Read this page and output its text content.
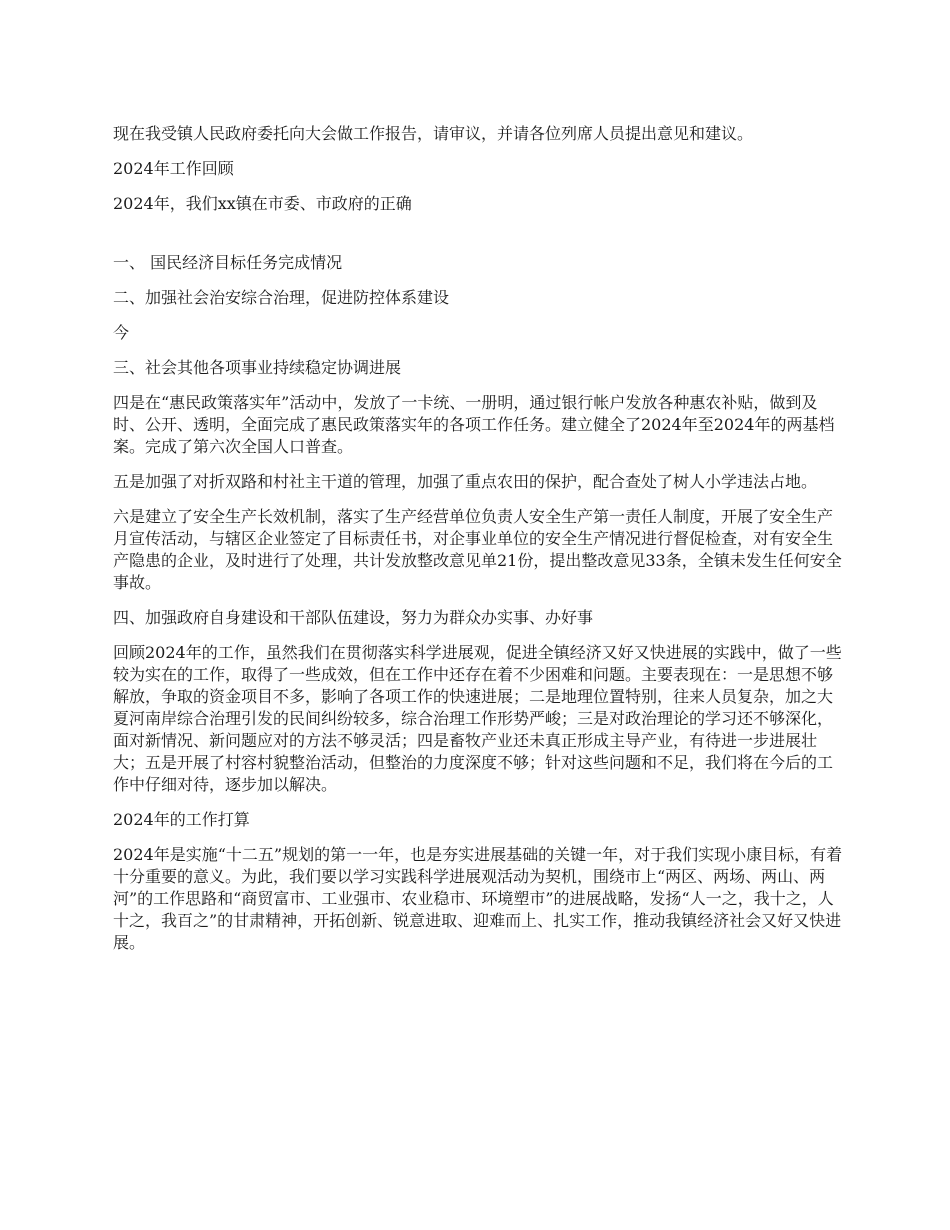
现在我受镇人民政府委托向大会做工作报告，请审议，并请各位列席人员提出意见和建议。

2024年工作回顾

2024年，我们xx镇在市委、市政府的正确

一、 国民经济目标任务完成情况

二、加强社会治安综合治理，促进防控体系建设

今

三、社会其他各项事业持续稳定协调进展

四是在“惠民政策落实年”活动中，发放了一卡统、一册明，通过银行帐户发放各种惠农补贴，做到及时、公开、透明，全面完成了惠民政策落实年的各项工作任务。建立健全了2024年至2024年的两基档案。完成了第六次全国人口普查。

五是加强了对折双路和村社主干道的管理，加强了重点农田的保护，配合查处了树人小学违法占地。

六是建立了安全生产长效机制，落实了生产经营单位负责人安全生产第一责任人制度，开展了安全生产月宣传活动，与辖区企业签定了目标责任书，对企事业单位的安全生产情况进行督促检查，对有安全生产隐患的企业，及时进行了处理，共计发放整改意见单21份，提出整改意见33条，全镇未发生任何安全事故。

四、加强政府自身建设和干部队伍建设，努力为群众办实事、办好事

回顾2024年的工作，虽然我们在贯彻落实科学进展观，促进全镇经济又好又快进展的实践中，做了一些较为实在的工作，取得了一些成效，但在工作中还存在着不少困难和问题。主要表现在：一是思想不够解放，争取的资金项目不多，影响了各项工作的快速进展；二是地理位置特别，往来人员复杂，加之大夏河南岸综合治理引发的民间纠纷较多，综合治理工作形势严峻；三是对政治理论的学习还不够深化，面对新情况、新问题应对的方法不够灵活；四是畜牧产业还未真正形成主导产业，有待进一步进展壮大；五是开展了村容村貌整治活动，但整治的力度深度不够；针对这些问题和不足，我们将在今后的工作中仔细对待，逐步加以解决。

2024年的工作打算

2024年是实施“十二五”规划的第一一年，也是夯实进展基础的关键一年，对于我们实现小康目标，有着十分重要的意义。为此，我们要以学习实践科学进展观活动为契机，围绕市上“两区、两场、两山、两河”的工作思路和“商贸富市、工业强市、农业稳市、环境塑市”的进展战略，发扬“人一之，我十之，人十之，我百之”的甘肃精神，开拓创新、锐意进取、迎难而上、扎实工作，推动我镇经济社会又好又快进展。
